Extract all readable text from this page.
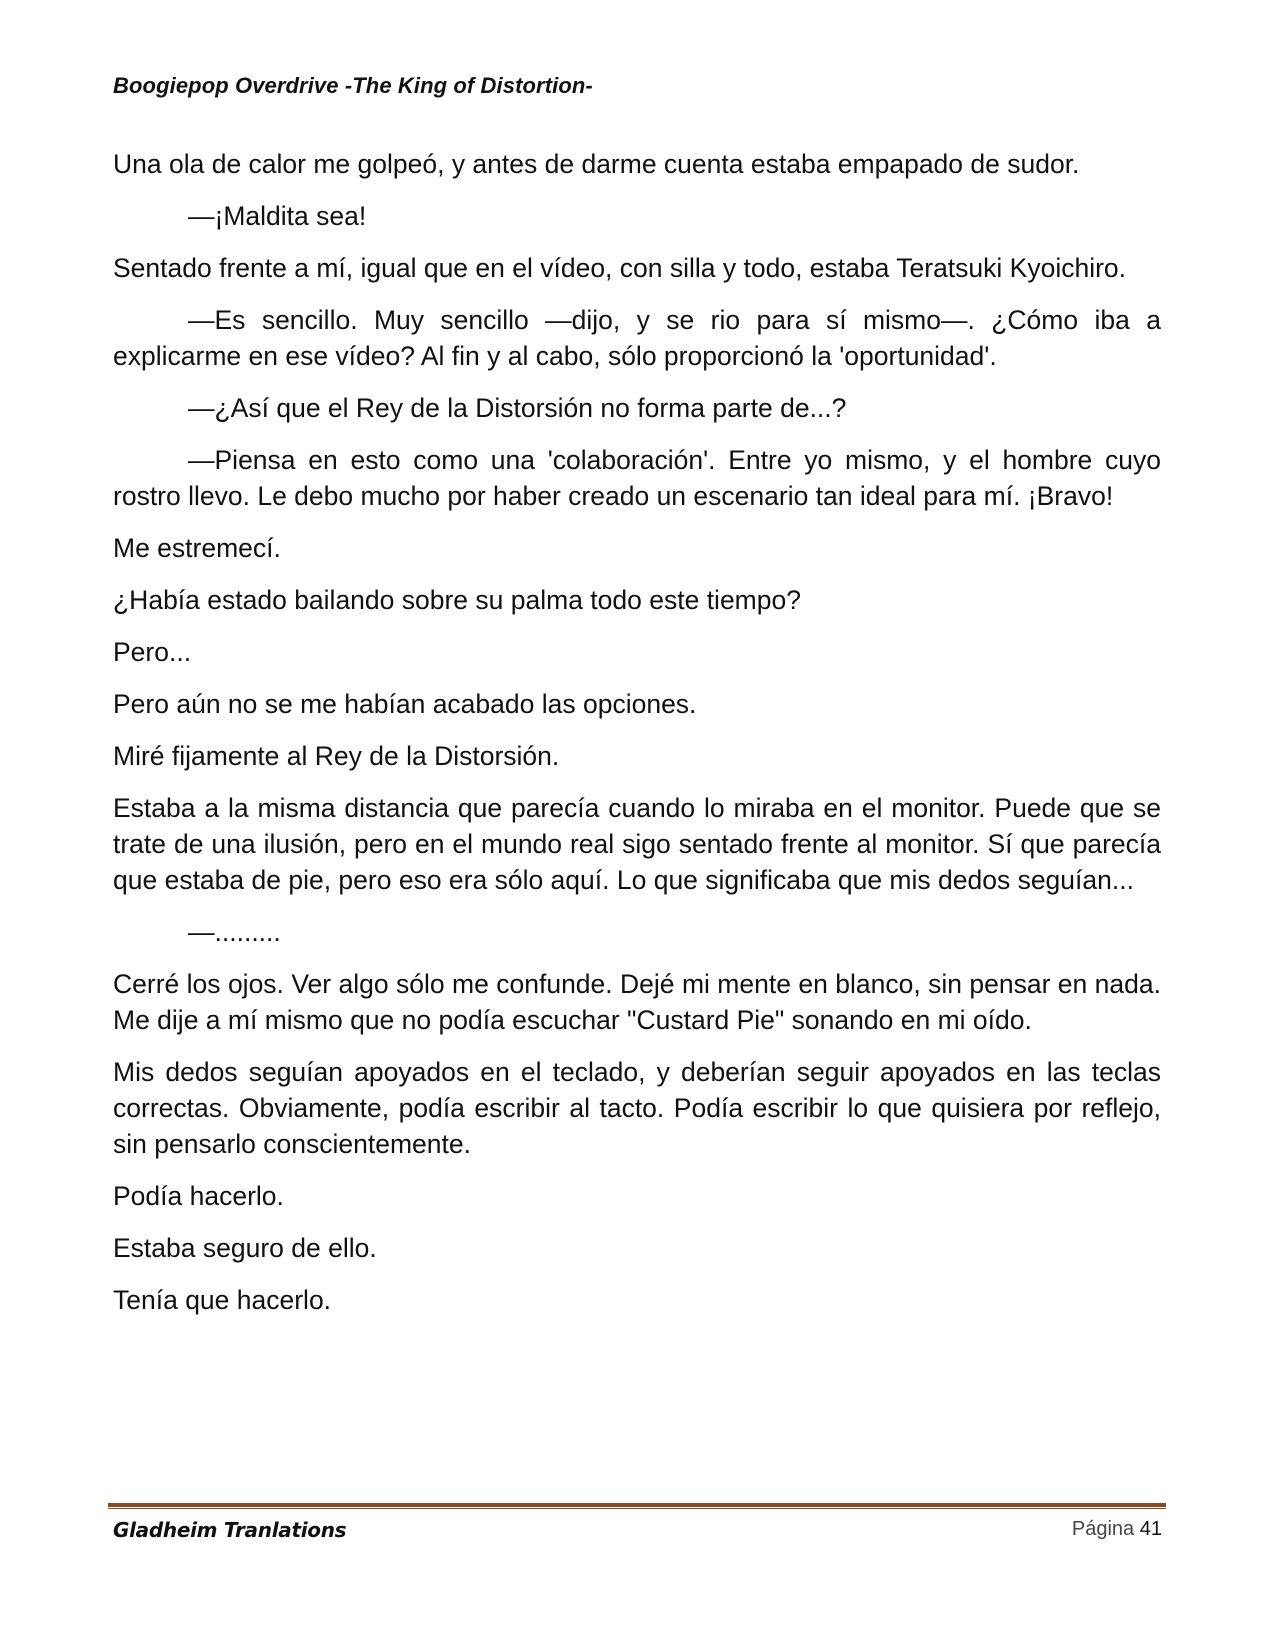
Boogiepop Overdrive -The King of Distortion-

Una ola de calor me golpeó, y antes de darme cuenta estaba empapado de sudor.

—¡Maldita sea!

Sentado frente a mí, igual que en el vídeo, con silla y todo, estaba Teratsuki Kyoichiro.

—Es sencillo. Muy sencillo —dijo, y se rio para sí mismo—. ¿Cómo iba a explicarme en ese vídeo? Al fin y al cabo, sólo proporcionó la 'oportunidad'.

—¿Así que el Rey de la Distorsión no forma parte de...?

—Piensa en esto como una 'colaboración'. Entre yo mismo, y el hombre cuyo rostro llevo. Le debo mucho por haber creado un escenario tan ideal para mí. ¡Bravo!

Me estremecí.

¿Había estado bailando sobre su palma todo este tiempo?

Pero...

Pero aún no se me habían acabado las opciones.

Miré fijamente al Rey de la Distorsión.

Estaba a la misma distancia que parecía cuando lo miraba en el monitor. Puede que se trate de una ilusión, pero en el mundo real sigo sentado frente al monitor. Sí que parecía que estaba de pie, pero eso era sólo aquí. Lo que significaba que mis dedos seguían...

—.........

Cerré los ojos. Ver algo sólo me confunde. Dejé mi mente en blanco, sin pensar en nada. Me dije a mí mismo que no podía escuchar "Custard Pie" sonando en mi oído.

Mis dedos seguían apoyados en el teclado, y deberían seguir apoyados en las teclas correctas. Obviamente, podía escribir al tacto. Podía escribir lo que quisiera por reflejo, sin pensarlo conscientemente.

Podía hacerlo.

Estaba seguro de ello.

Tenía que hacerlo.

Gladheim Tranlations	Página 41
